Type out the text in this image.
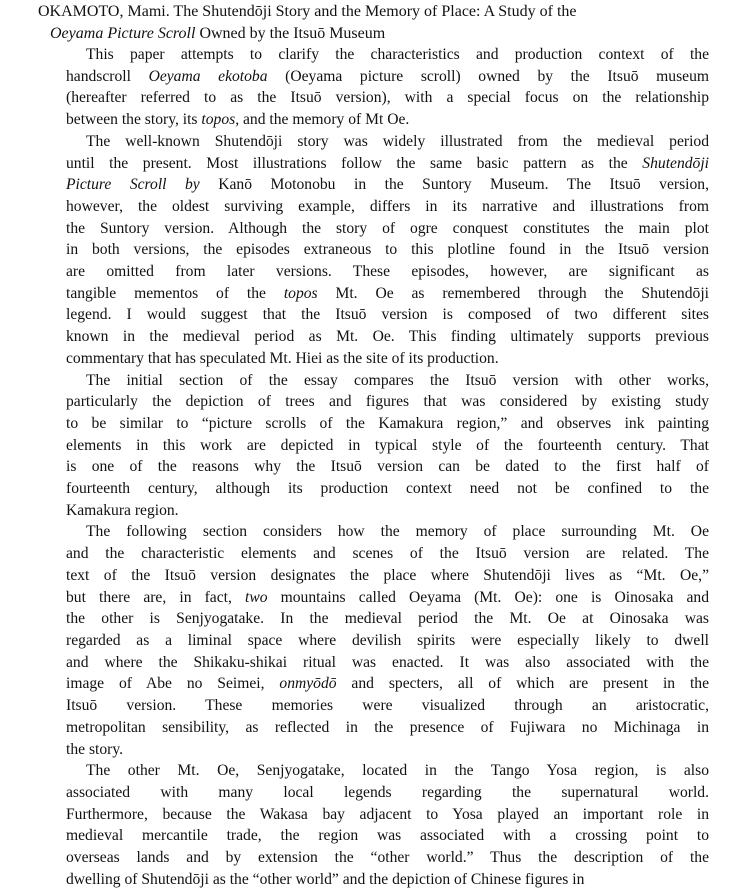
OKAMOTO, Mami. The Shutendōji Story and the Memory of Place: A Study of the
Oeyama Picture Scroll Owned by the Itsuō Museum
This paper attempts to clarify the characteristics and production context of the
handscroll Oeyama ekotoba (Oeyama picture scroll) owned by the Itsuō museum
(hereafter referred to as the Itsuō version), with a special focus on the relationship
between the story, its topos, and the memory of Mt Oe.
The well-known Shutendōji story was widely illustrated from the medieval period
until the present. Most illustrations follow the same basic pattern as the Shutendōji
Picture Scroll by Kanō Motonobu in the Suntory Museum. The Itsuō version,
however, the oldest surviving example, differs in its narrative and illustrations from
the Suntory version. Although the story of ogre conquest constitutes the main plot
in both versions, the episodes extraneous to this plotline found in the Itsuō version
are omitted from later versions. These episodes, however, are significant as
tangible mementos of the topos Mt. Oe as remembered through the Shutendōji
legend. I would suggest that the Itsuō version is composed of two different sites
known in the medieval period as Mt. Oe. This finding ultimately supports previous
commentary that has speculated Mt. Hiei as the site of its production.
The initial section of the essay compares the Itsuō version with other works,
particularly the depiction of trees and figures that was considered by existing study
to be similar to “picture scrolls of the Kamakura region,” and observes ink painting
elements in this work are depicted in typical style of the fourteenth century. That
is one of the reasons why the Itsuō version can be dated to the first half of
fourteenth century, although its production context need not be confined to the
Kamakura region.
The following section considers how the memory of place surrounding Mt. Oe
and the characteristic elements and scenes of the Itsuō version are related. The
text of the Itsuō version designates the place where Shutendōji lives as “Mt. Oe,”
but there are, in fact, two mountains called Oeyama (Mt. Oe): one is Oinosaka and
the other is Senjyogatake. In the medieval period the Mt. Oe at Oinosaka was
regarded as a liminal space where devilish spirits were especially likely to dwell
and where the Shikaku-shikai ritual was enacted. It was also associated with the
image of Abe no Seimei, onmyōdō and specters, all of which are present in the
Itsuō version. These memories were visualized through an aristocratic,
metropolitan sensibility, as reflected in the presence of Fujiwara no Michinaga in
the story.
The other Mt. Oe, Senjyogatake, located in the Tango Yosa region, is also
associated with many local legends regarding the supernatural world.
Furthermore, because the Wakasa bay adjacent to Yosa played an important role in
medieval mercantile trade, the region was associated with a crossing point to
overseas lands and by extension the “other world.” Thus the description of the
dwelling of Shutendōji as the “other world” and the depiction of Chinese figures in
